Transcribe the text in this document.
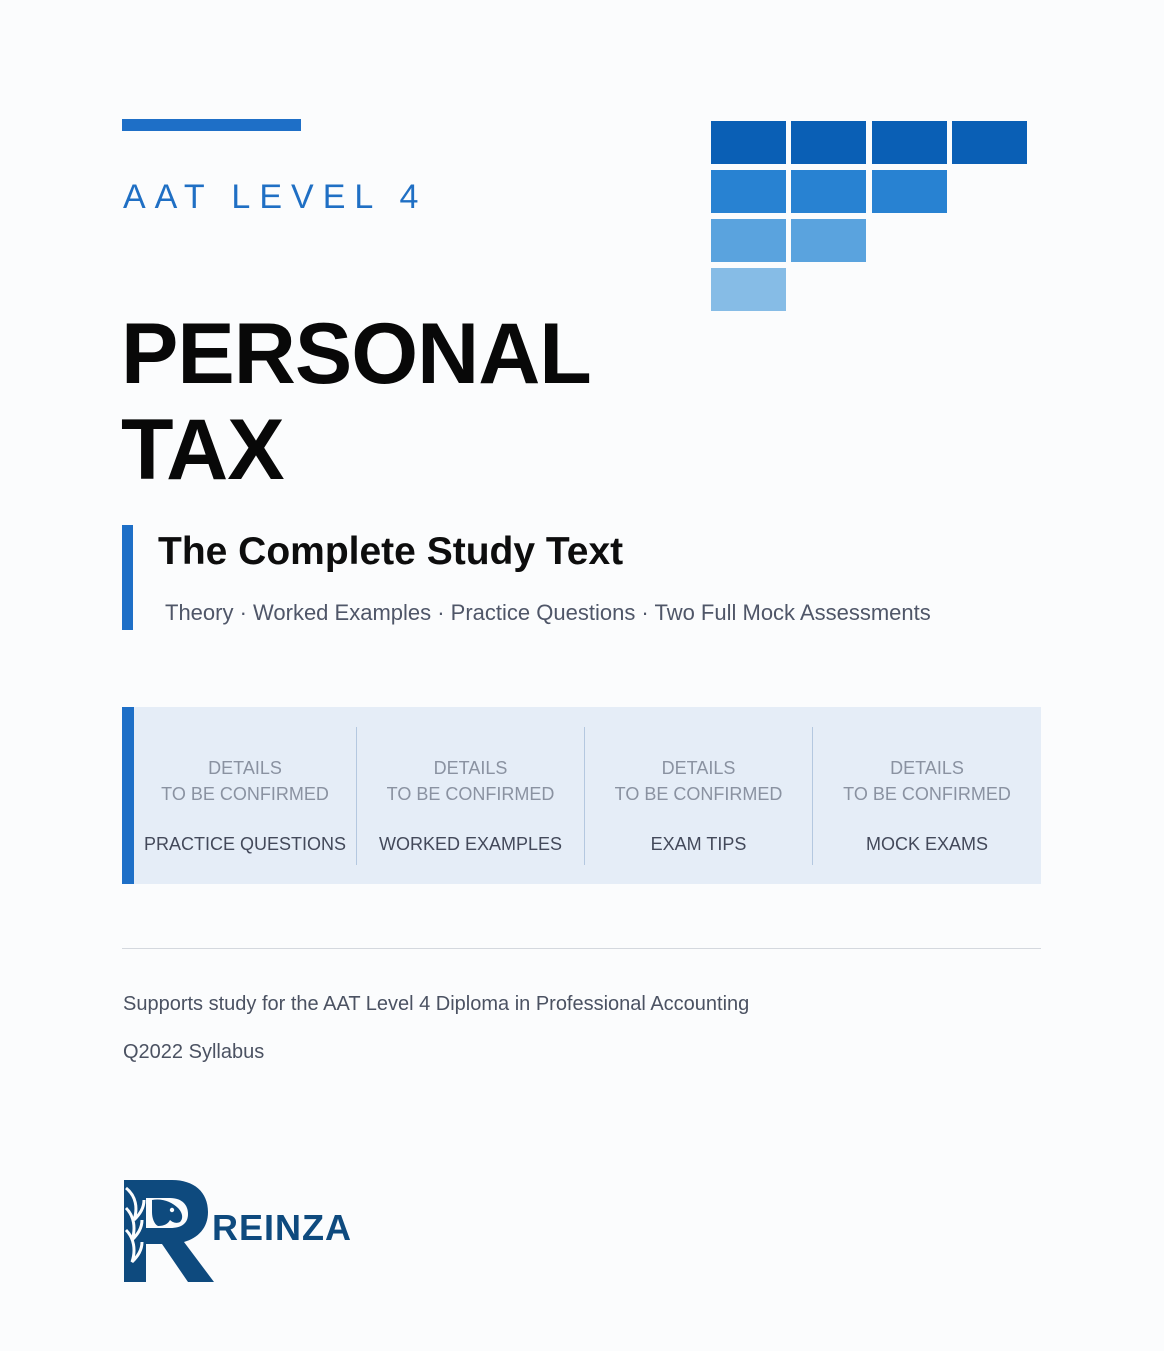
AAT LEVEL 4
PERSONAL
TAX
The Complete Study Text
Theory · Worked Examples · Practice Questions · Two Full Mock Assessments
DETAILS
TO BE CONFIRMED
PRACTICE QUESTIONS
DETAILS
TO BE CONFIRMED
WORKED EXAMPLES
DETAILS
TO BE CONFIRMED
EXAM TIPS
DETAILS
TO BE CONFIRMED
MOCK EXAMS
Supports study for the AAT Level 4 Diploma in Professional Accounting
Q2022 Syllabus
REINZA
